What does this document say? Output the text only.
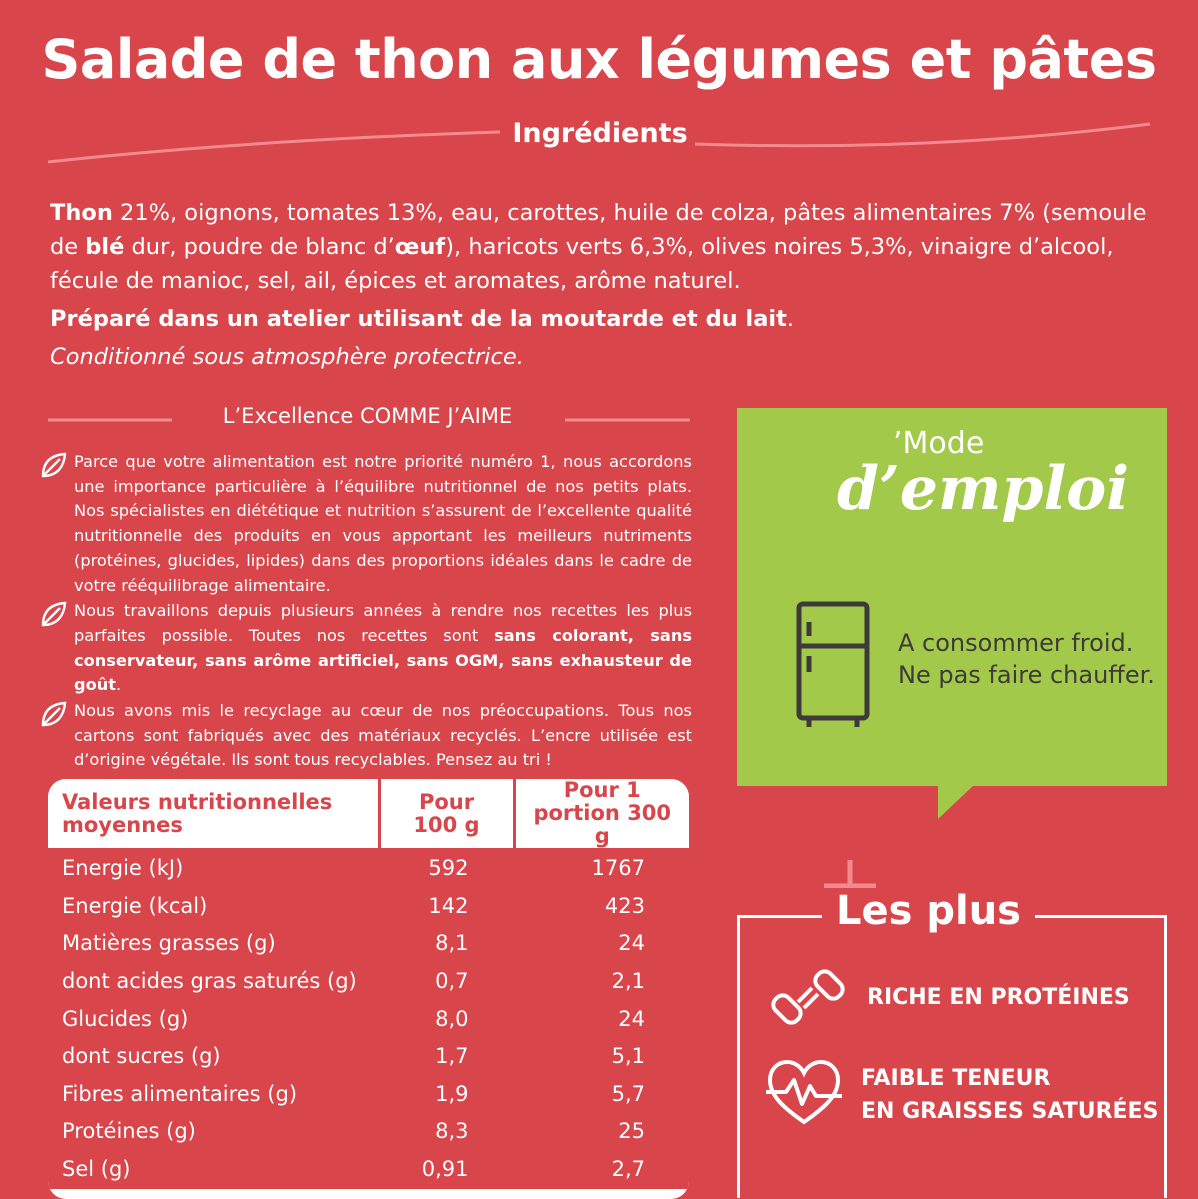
Salade de thon aux légumes et pâtes
Ingrédients

Thon 21%, oignons, tomates 13%, eau, carottes, huile de colza, pâtes alimentaires 7% (semoule de blé dur, poudre de blanc d’œuf), haricots verts 6,3%, olives noires 5,3%, vinaigre d’alcool, fécule de manioc, sel, ail, épices et aromates, arôme naturel.

Préparé dans un atelier utilisant de la moutarde et du lait.

Conditionné sous atmosphère protectrice.

L’Excellence COMME J’AIME
Parce que votre alimentation est notre priorité numéro 1, nous accordons une importance particulière à l’équilibre nutritionnel de nos petits plats. Nos spécialistes en diététique et nutrition s’assurent de l’excellente qualité nutritionnelle des produits en vous apportant les meilleurs nutriments (protéines, glucides, lipides) dans des proportions idéales dans le cadre de votre rééquilibrage alimentaire.
Nous travaillons depuis plusieurs années à rendre nos recettes les plus parfaites possible. Toutes nos recettes sont sans colorant, sans conservateur, sans arôme artificiel, sans OGM, sans exhausteur de goût.
Nous avons mis le recyclage au cœur de nos préoccupations. Tous nos cartons sont fabriqués avec des matériaux recyclés. L’encre utilisée est d’origine végétale. Ils sont tous recyclables. Pensez au tri !
Valeurs nutritionnelles moyennes	Pour 100 g	Pour 1 portion 300 g
Energie (kJ)	592	1767
Energie (kcal)	142	423
Matières grasses (g)	8,1	24
dont acides gras saturés (g)	0,7	2,1
Glucides (g)	8,0	24
dont sucres (g)	1,7	5,1
Fibres alimentaires (g)	1,9	5,7
Protéines (g)	8,3	25
Sel (g)	0,91	2,7
’Mode
d’emploi
A consommer froid.
Ne pas faire chauffer.
Les plus
RICHE EN PROTÉINES
FAIBLE TENEUR
EN GRAISSES SATURÉES
